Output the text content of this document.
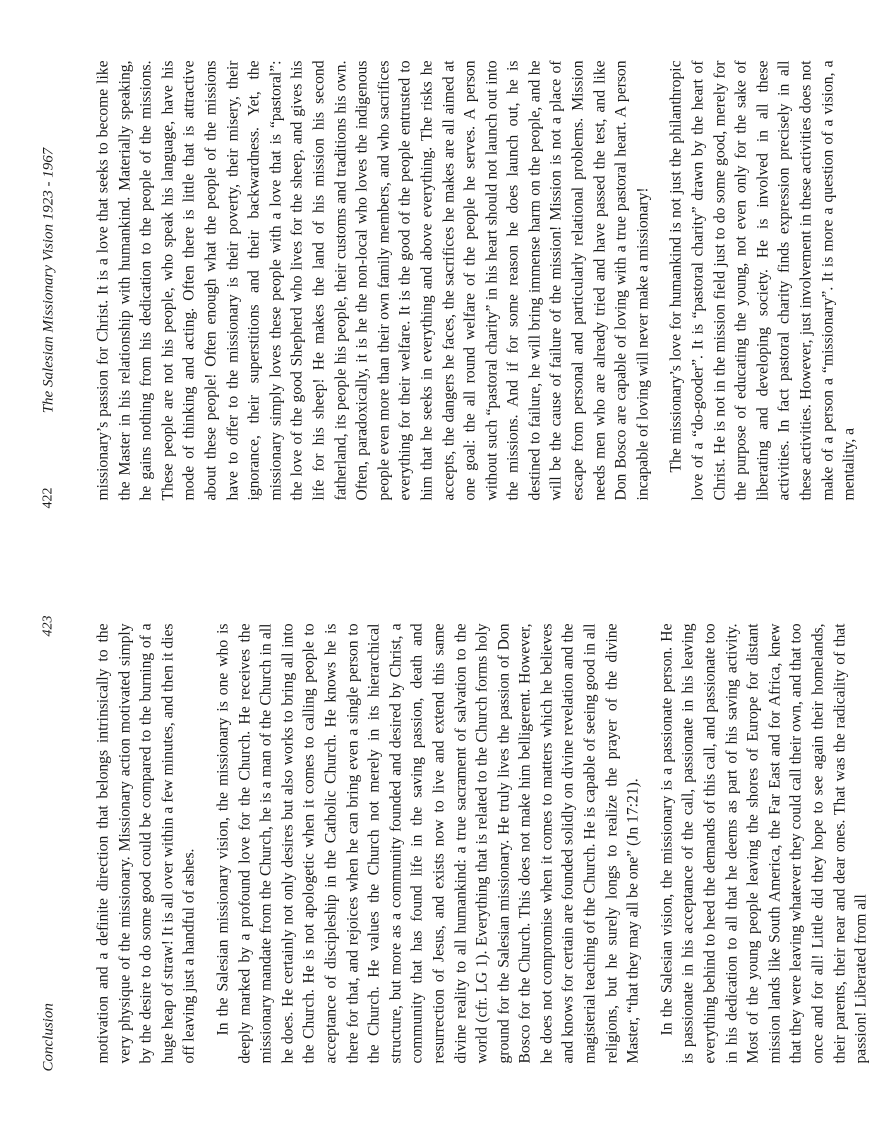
422
The Salesian Missionary Vision 1923 - 1967 missionary’s passion for Christ. It is a love that seeks to become like the Master in his relationship with humankind. Materially speaking, he gains nothing from his dedication to the people of the missions. These people are not his people, who speak his language, have his mode of thinking and acting. Often there is little that is attractive about these people! Often enough what the people of the missions have to offer to the missionary is their poverty, their misery, their ignorance, their superstitions and their backwardness. Yet, the missionary simply loves these people with a love that is “pastoral”: the love of the good Shepherd who lives for the sheep, and gives his life for his sheep! He makes the land of his mission his second fatherland, its people his people, their customs and traditions his own. Often, paradoxically, it is he the non-local who loves the indigenous people even more than their own family members, and who sacrifices everything for their welfare. It is the good of the people entrusted to him that he seeks in everything and above everything. The risks he accepts, the dangers he faces, the sacrifices he makes are all aimed at one goal: the all round welfare of the people he serves. A person without such “pastoral charity” in his heart should not launch out into the missions. And if for some reason he does launch out, he is destined to failure, he will bring immense harm on the people, and he will be the cause of failure of the mission! Mission is not a place of escape from personal and particularly relational problems. Mission needs men who are already tried and have passed the test, and like Don Bosco are capable of loving with a true pastoral heart. A person incapable of loving will never make a missionary! The missionary’s love for humankind is not just the philanthropic love of a “do-gooder”. It is “pastoral charity” drawn by the heart of Christ. He is not in the mission field just to do some good, merely for the purpose of educating the young, not even only for the sake of liberating and developing society. He is involved in all these activities. In fact pastoral charity finds expression precisely in all these activities. However, just involvement in these activities does not make of a person a “missionary”. It is more a question of a vision, a mentality, a

Conclusion
423	motivation and a definite direction that belongs intrinsically to the very physique of the missionary. Missionary action motivated simply by the desire to do some good could be compared to the burning of a huge heap of straw! It is all over within a few minutes, and then it dies off leaving just a handful of ashes. In the Salesian missionary vision, the missionary is one who is deeply marked by a profound love for the Church. He receives the missionary mandate from the Church, he is a man of the Church in all he does. He certainly not only desires but also works to bring all into the Church. He is not apologetic when it comes to calling people to acceptance of discipleship in the Catholic Church. He knows he is there for that, and rejoices when he can bring even a single person to the Church. He values the Church not merely in its hierarchical structure, but more as a community founded and desired by Christ, a community that has found life in the saving passion, death and resurrection of Jesus, and exists now to live and extend this same divine reality to all humankind: a true sacrament of salvation to the world (cfr. LG 1). Everything that is related to the Church forms holy ground for the Salesian missionary. He truly lives the passion of Don Bosco for the Church. This does not make him belligerent. However, he does not compromise when it comes to matters which he believes and knows for certain are founded solidly on divine revelation and the magisterial teaching of the Church. He is capable of seeing good in all religions, but he surely longs to realize the prayer of the divine Master, “that they may all be one” (Jn 17:21). In the Salesian vision, the missionary is a passionate person. He is passionate in his acceptance of the call, passionate in his leaving everything behind to heed the demands of this call, and passionate too in his dedication to all that he deems as part of his saving activity. Most of the young people leaving the shores of Europe for distant mission lands like South America, the Far East and for Africa, knew that they were leaving whatever they could call their own, and that too once and for all! Little did they hope to see again their homelands, their parents, their near and dear ones. That was the radicality of that passion! Liberated from all
